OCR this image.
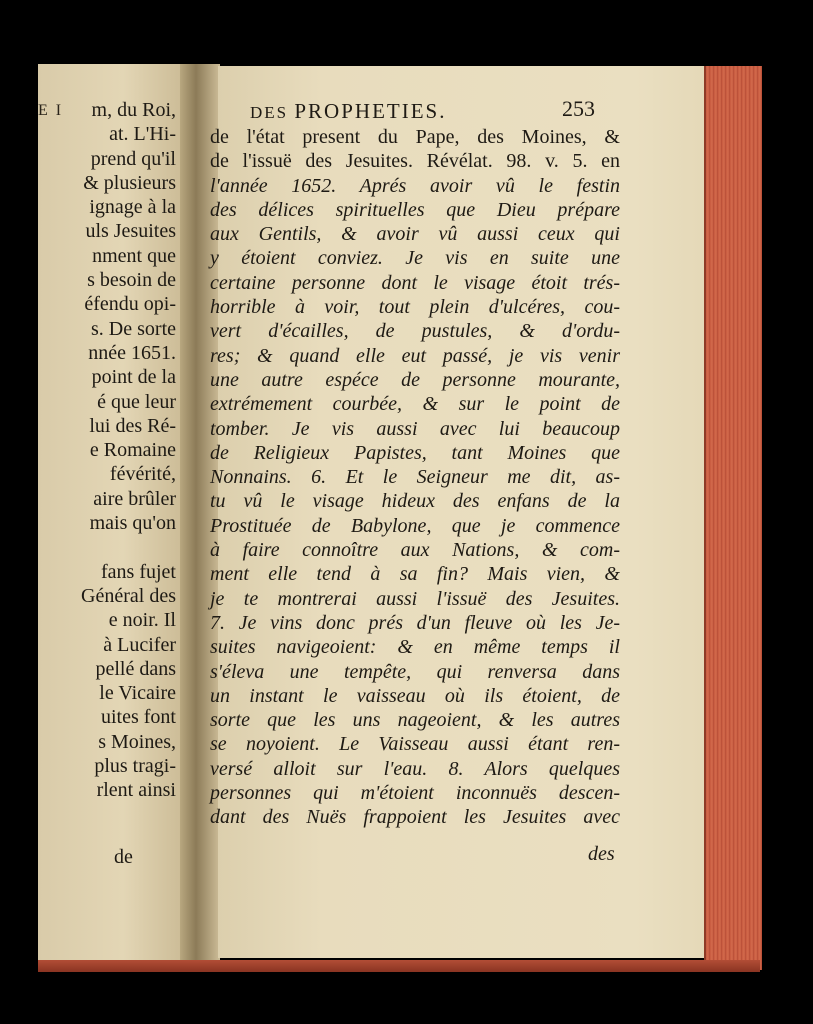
E I	m, du Roi,
at. L'Hi-
prend qu'il
& plusieurs
ignage à la
uls Jesuites
nment que
s besoin de
éfendu opi-
s. De sorte
nnée 1651.
point de la
é que leur
lui des Ré-
e Romaine
févérité,
aire brûler
mais qu'on
fans fujet
Général des
e noir. Il
à Lucifer
pellé dans
le Vicaire
uites font
s Moines,
plus tragi-
rlent ainsi
DES PROPHETIES.	253
de l'état present du Pape, des Moines, &
de l'issuë des Jesuites. Révélat. 98. v. 5. en
l'année 1652. Aprés avoir vû le festin
des délices spirituelles que Dieu prépare
aux Gentils, & avoir vû aussi ceux qui
y étoient conviez. Je vis en suite une
certaine personne dont le visage étoit trés-
horrible à voir, tout plein d'ulcéres, cou-
vert d'écailles, de pustules, & d'ordu-
res; & quand elle eut passé, je vis venir
une autre espéce de personne mourante,
extrémement courbée, & sur le point de
tomber. Je vis aussi avec lui beaucoup
de Religieux Papistes, tant Moines que
Nonnains. 6. Et le Seigneur me dit, as-
tu vû le visage hideux des enfans de la
Prostituée de Babylone, que je commence
à faire connoître aux Nations, & com-
ment elle tend à sa fin? Mais vien, &
je te montrerai aussi l'issuë des Jesuites.
7. Je vins donc prés d'un fleuve où les Je-
suites navigeoient: & en même temps il
s'éleva une tempête, qui renversa dans
un instant le vaisseau où ils étoient, de
sorte que les uns nageoient, & les autres
se noyoient. Le Vaisseau aussi étant ren-
versé alloit sur l'eau. 8. Alors quelques
personnes qui m'étoient inconnuës descen-
dant des Nuës frappoient les Jesuites avec
des
de
